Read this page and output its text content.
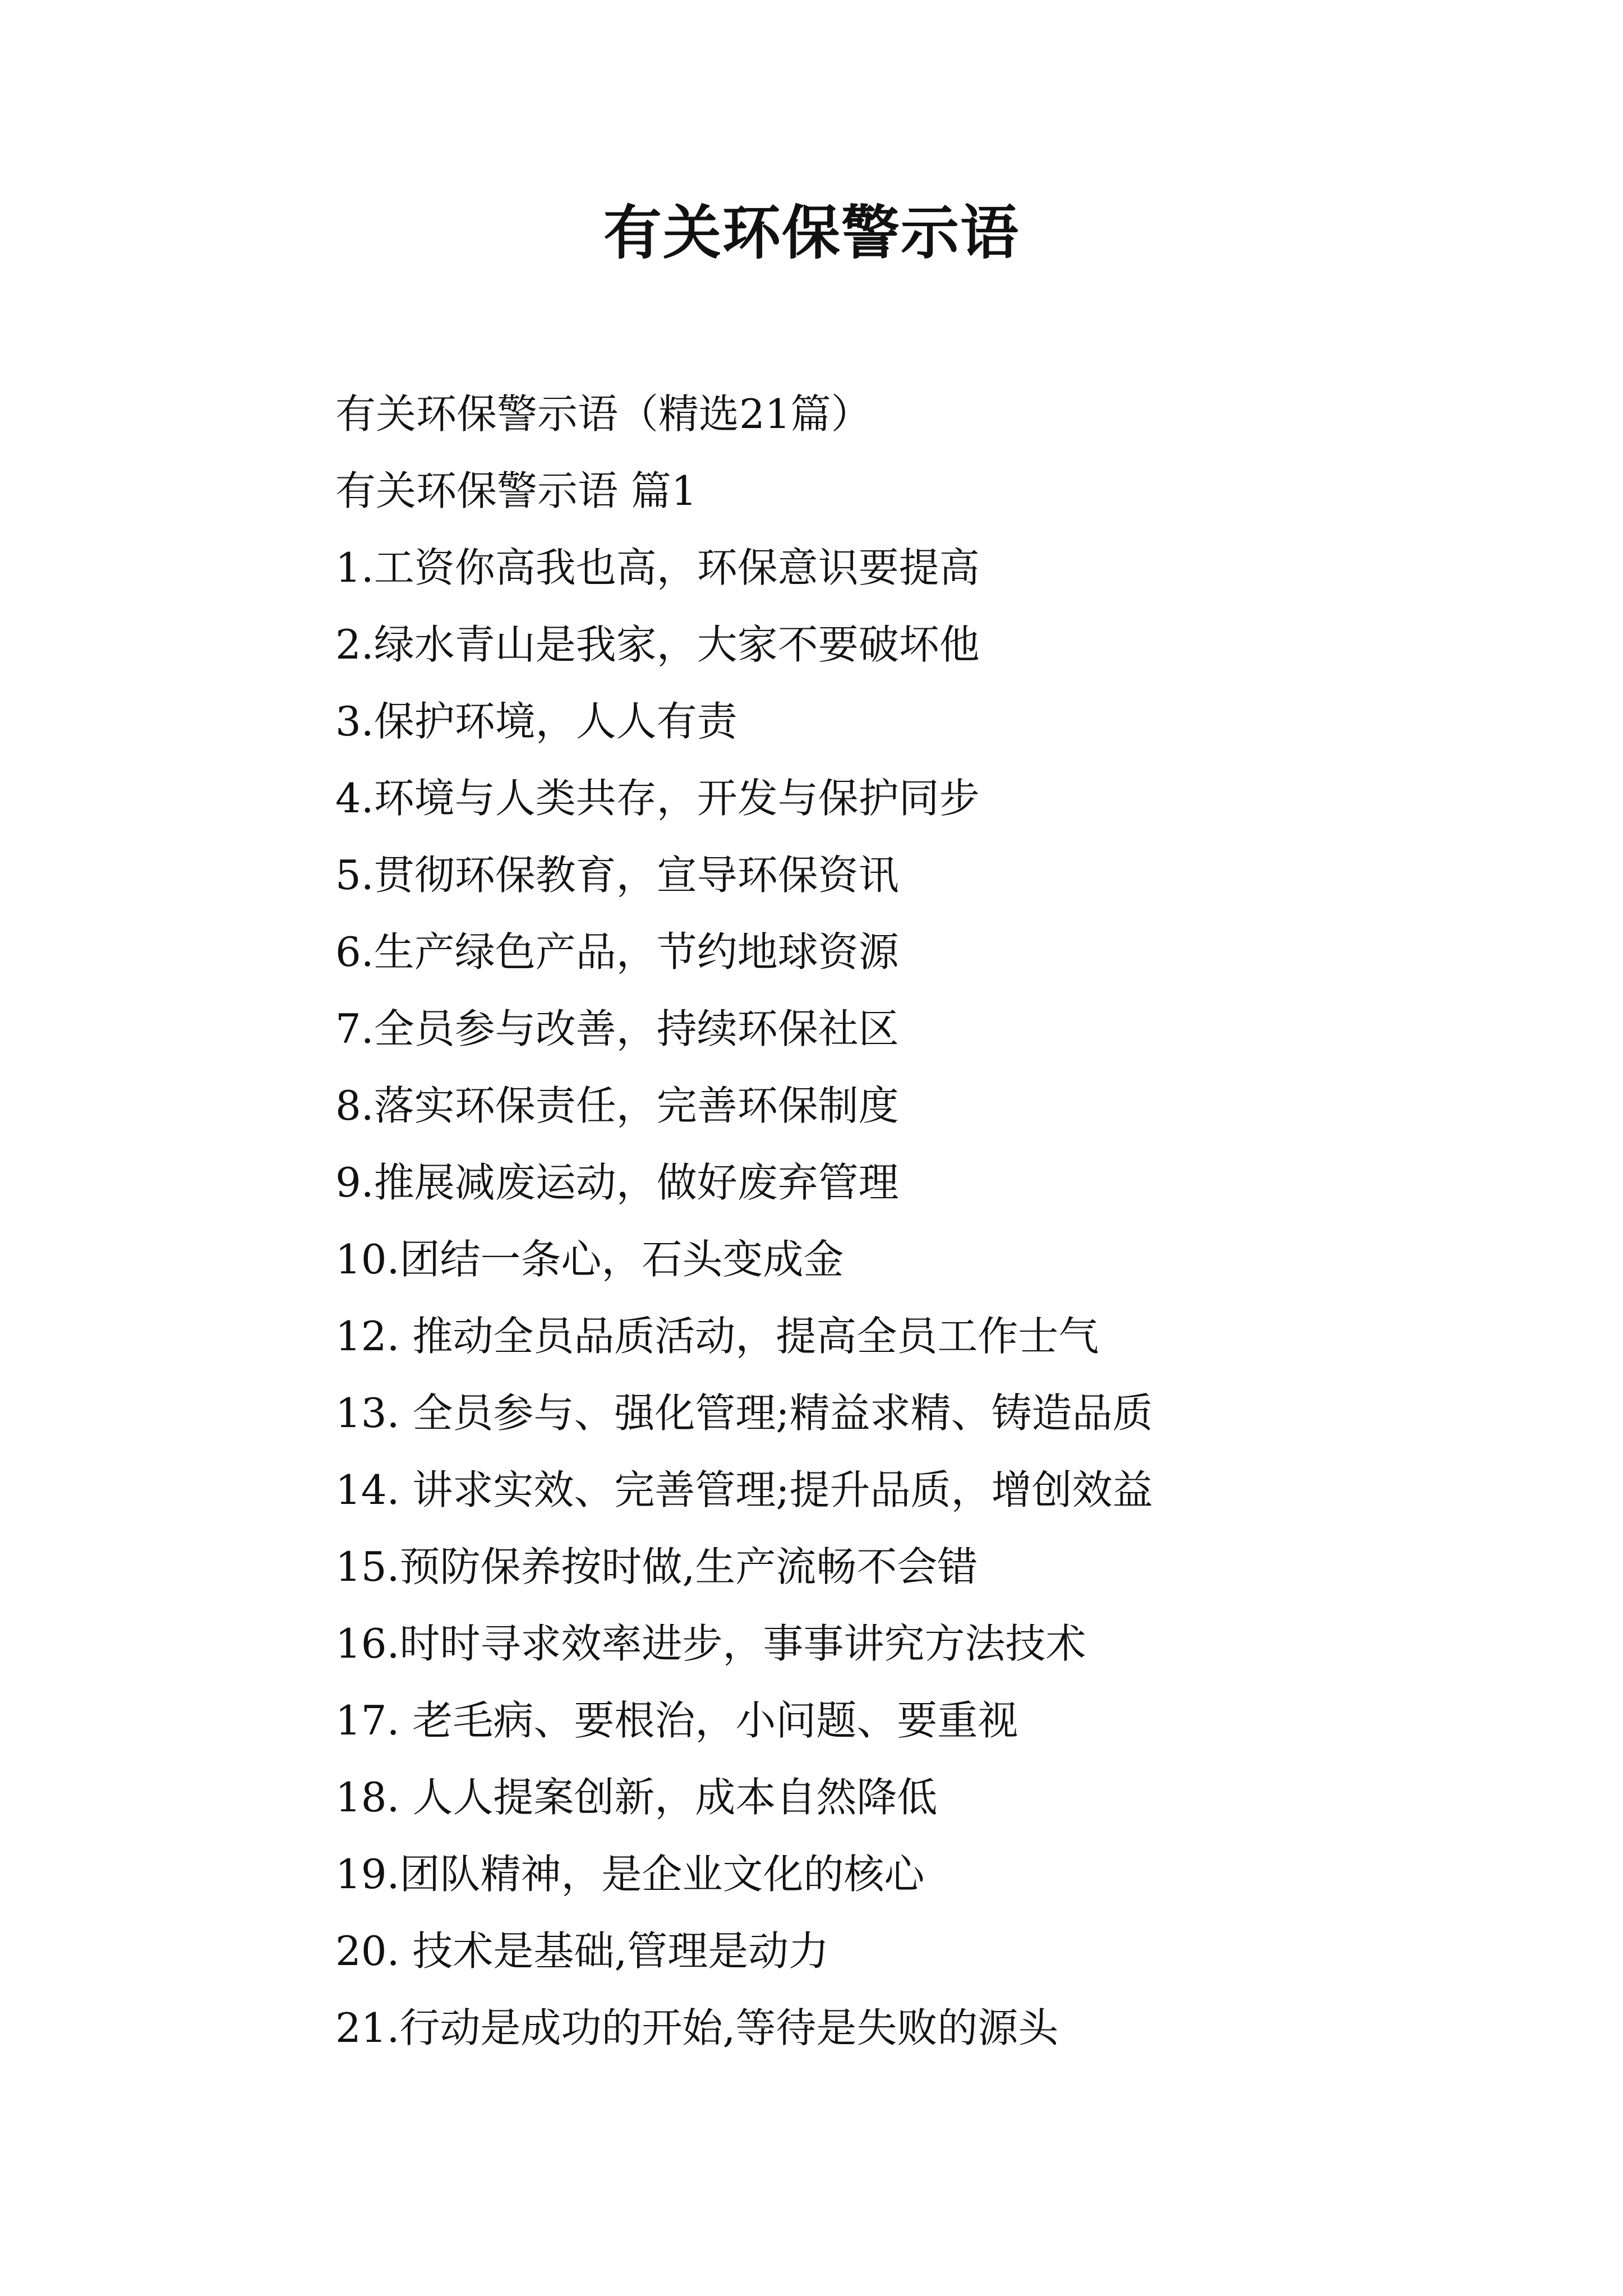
有关环保警示语
有关环保警示语（精选21篇）
有关环保警示语 篇1
1.工资你高我也高，环保意识要提高
2.绿水青山是我家，大家不要破坏他
3.保护环境，人人有责
4.环境与人类共存，开发与保护同步
5.贯彻环保教育，宣导环保资讯
6.生产绿色产品，节约地球资源
7.全员参与改善，持续环保社区
8.落实环保责任，完善环保制度
9.推展减废运动，做好废弃管理
10.团结一条心，石头变成金
12. 推动全员品质活动，提高全员工作士气
13. 全员参与、强化管理;精益求精、铸造品质
14. 讲求实效、完善管理;提升品质，增创效益
15.预防保养按时做,生产流畅不会错
16.时时寻求效率进步，事事讲究方法技术
17. 老毛病、要根治，小问题、要重视
18. 人人提案创新，成本自然降低
19.团队精神，是企业文化的核心
20. 技术是基础,管理是动力
21.行动是成功的开始,等待是失败的源头
